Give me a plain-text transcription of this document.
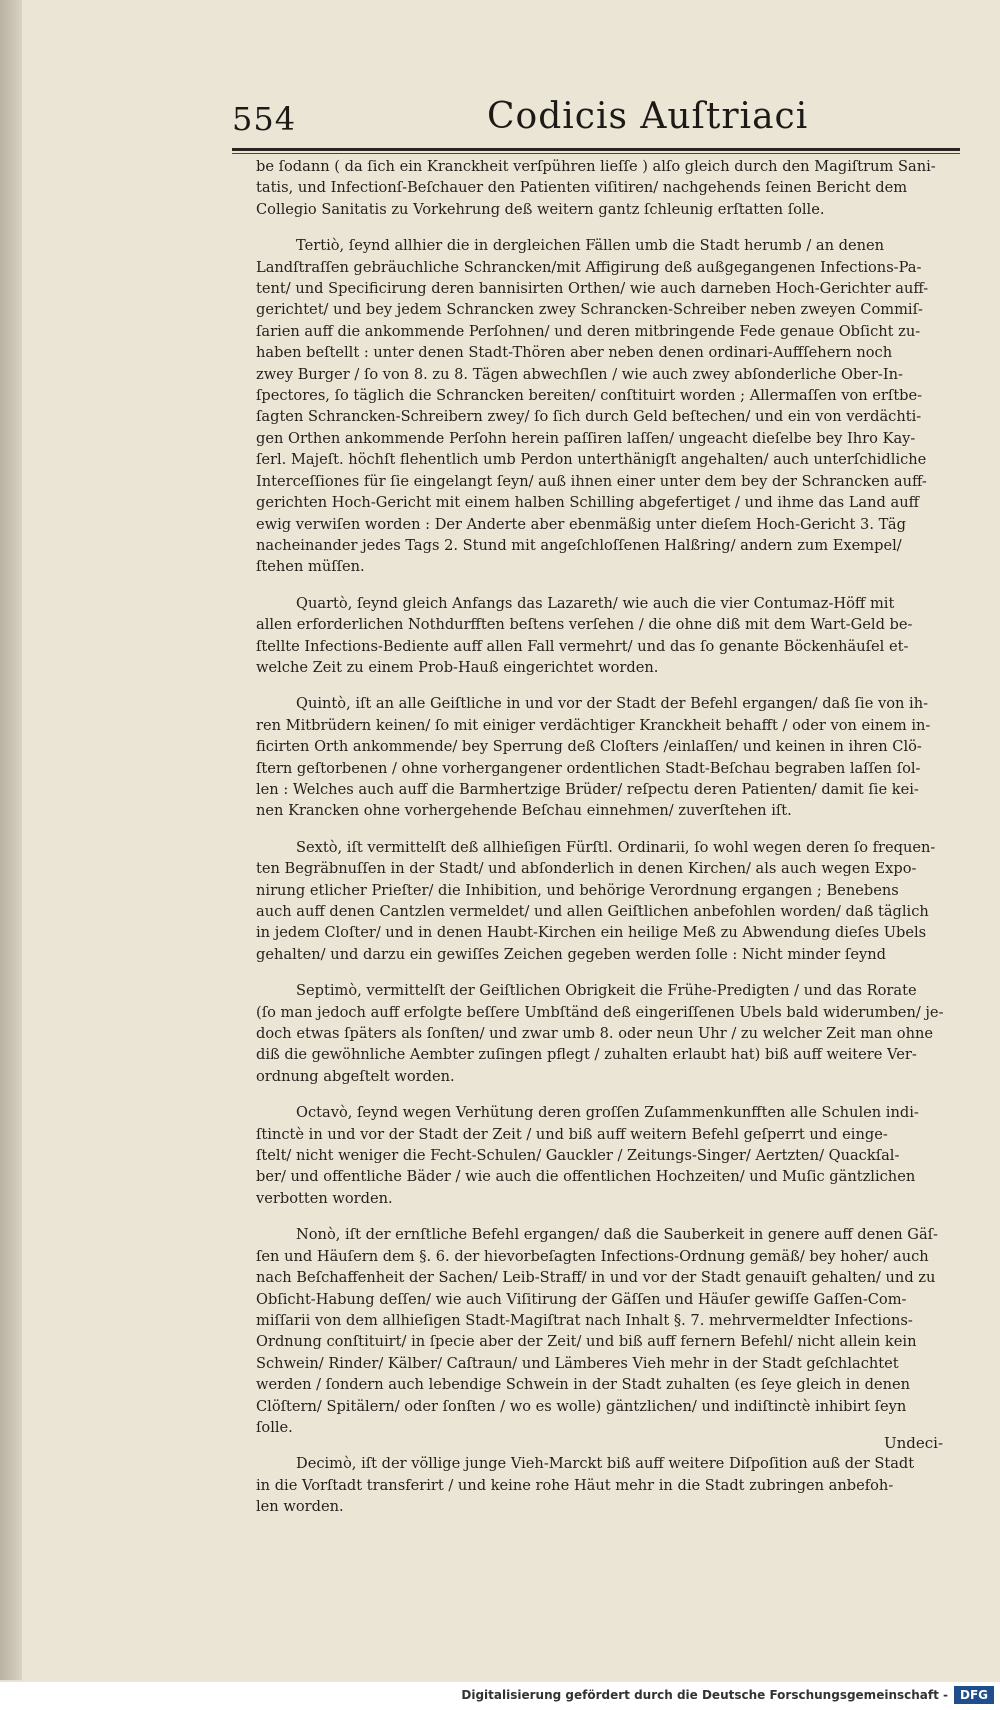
554	Codicis Auſtriaci
be ſodann ( da ſich ein Kranckheit verſpühren lieſſe ) alſo gleich durch den Magiſtrum Sani-
tatis, und Infectionſ-Beſchauer den Patienten viſitiren/ nachgehends ſeinen Bericht dem
Collegio Sanitatis zu Vorkehrung deß weitern gantz ſchleunig erſtatten ſolle.
Tertiò, ſeynd allhier die in dergleichen Fällen umb die Stadt herumb / an denen
Landſtraſſen gebräuchliche Schrancken/mit Affigirung deß außgegangenen Infections-Pa-
tent/ und Specificirung deren bannisirten Orthen/ wie auch darneben Hoch-Gerichter auff-
gerichtet/ und bey jedem Schrancken zwey Schrancken-Schreiber neben zweyen Commiſ-
ſarien auff die ankommende Perſohnen/ und deren mitbringende Fede genaue Obſicht zu-
haben beſtellt : unter denen Stadt-Thören aber neben denen ordinari-Auffſehern noch
zwey Burger / ſo von 8. zu 8. Tägen abwechſlen / wie auch zwey abſonderliche Ober-In-
ſpectores, ſo täglich die Schrancken bereiten/ conſtituirt worden ; Allermaſſen von erſtbe-
ſagten Schrancken-Schreibern zwey/ ſo ſich durch Geld beſtechen/ und ein von verdächti-
gen Orthen ankommende Perſohn herein paſſiren laſſen/ ungeacht dieſelbe bey Ihro Kay-
ſerl. Majeſt. höchſt flehentlich umb Perdon unterthänigſt angehalten/ auch unterſchidliche
Interceſſiones für ſie eingelangt ſeyn/ auß ihnen einer unter dem bey der Schrancken auff-
gerichten Hoch-Gericht mit einem halben Schilling abgefertiget / und ihme das Land auff
ewig verwiſen worden : Der Anderte aber ebenmäßig unter dieſem Hoch-Gericht 3. Täg
nacheinander jedes Tags 2. Stund mit angeſchloſſenen Halßring/ andern zum Exempel/
ſtehen müſſen.
Quartò, ſeynd gleich Anfangs das Lazareth/ wie auch die vier Contumaz-Höff mit
allen erforderlichen Nothdurfften beſtens verſehen / die ohne diß mit dem Wart-Geld be-
ſtellte Infections-Bediente auff allen Fall vermehrt/ und das ſo genante Böckenhäuſel et-
welche Zeit zu einem Prob-Hauß eingerichtet worden.
Quintò, iſt an alle Geiſtliche in und vor der Stadt der Befehl ergangen/ daß ſie von ih-
ren Mitbrüdern keinen/ ſo mit einiger verdächtiger Kranckheit behafft / oder von einem in-
ficirten Orth ankommende/ bey Sperrung deß Cloſters /einlaſſen/ und keinen in ihren Clö-
ſtern geſtorbenen / ohne vorhergangener ordentlichen Stadt-Beſchau begraben laſſen ſol-
len : Welches auch auff die Barmhertzige Brüder/ reſpectu deren Patienten/ damit ſie kei-
nen Krancken ohne vorhergehende Beſchau einnehmen/ zuverſtehen iſt.
Sextò, iſt vermittelſt deß allhieſigen Fürſtl. Ordinarii, ſo wohl wegen deren ſo frequen-
ten Begräbnuſſen in der Stadt/ und abſonderlich in denen Kirchen/ als auch wegen Expo-
nirung etlicher Prieſter/ die Inhibition, und behörige Verordnung ergangen ; Benebens
auch auff denen Cantzlen vermeldet/ und allen Geiſtlichen anbefohlen worden/ daß täglich
in jedem Cloſter/ und in denen Haubt-Kirchen ein heilige Meß zu Abwendung dieſes Ubels
gehalten/ und darzu ein gewiſſes Zeichen gegeben werden ſolle : Nicht minder ſeynd
Septimò, vermittelſt der Geiſtlichen Obrigkeit die Frühe-Predigten / und das Rorate
(ſo man jedoch auff erfolgte beſſere Umbſtänd deß eingeriſſenen Ubels bald widerumben/ je-
doch etwas ſpäters als ſonſten/ und zwar umb 8. oder neun Uhr / zu welcher Zeit man ohne
diß die gewöhnliche Aembter zuſingen pflegt / zuhalten erlaubt hat) biß auff weitere Ver-
ordnung abgeſtelt worden.
Octavò, ſeynd wegen Verhütung deren groſſen Zuſammenkunfften alle Schulen indi-
ſtinctè in und vor der Stadt der Zeit / und biß auff weitern Befehl geſperrt und einge-
ſtelt/ nicht weniger die Fecht-Schulen/ Gauckler / Zeitungs-Singer/ Aertzten/ Quackſal-
ber/ und offentliche Bäder / wie auch die offentlichen Hochzeiten/ und Muſic gäntzlichen
verbotten worden.
Nonò, iſt der ernſtliche Befehl ergangen/ daß die Sauberkeit in genere auff denen Gäſ-
ſen und Häuſern dem §. 6. der hievorbeſagten Infections-Ordnung gemäß/ bey hoher/ auch
nach Beſchaffenheit der Sachen/ Leib-Straff/ in und vor der Stadt genauiſt gehalten/ und zu
Obſicht-Habung deſſen/ wie auch Viſitirung der Gäſſen und Häuſer gewiſſe Gaſſen-Com-
miſſarii von dem allhieſigen Stadt-Magiſtrat nach Inhalt §. 7. mehrvermeldter Infections-
Ordnung conſtituirt/ in ſpecie aber der Zeit/ und biß auff fernern Befehl/ nicht allein kein
Schwein/ Rinder/ Kälber/ Caſtraun/ und Lämberes Vieh mehr in der Stadt geſchlachtet
werden / ſondern auch lebendige Schwein in der Stadt zuhalten (es ſeye gleich in denen
Clöſtern/ Spitälern/ oder ſonſten / wo es wolle) gäntzlichen/ und indiſtinctè inhibirt ſeyn
ſolle.
Decimò, iſt der völlige junge Vieh-Marckt biß auff weitere Diſpoſition auß der Stadt
in die Vorſtadt transferirt / und keine rohe Häut mehr in die Stadt zubringen anbefoh-
len worden.
Undeci-
Digitalisierung gefördert durch die Deutsche Forschungsgemeinschaft - DFG
